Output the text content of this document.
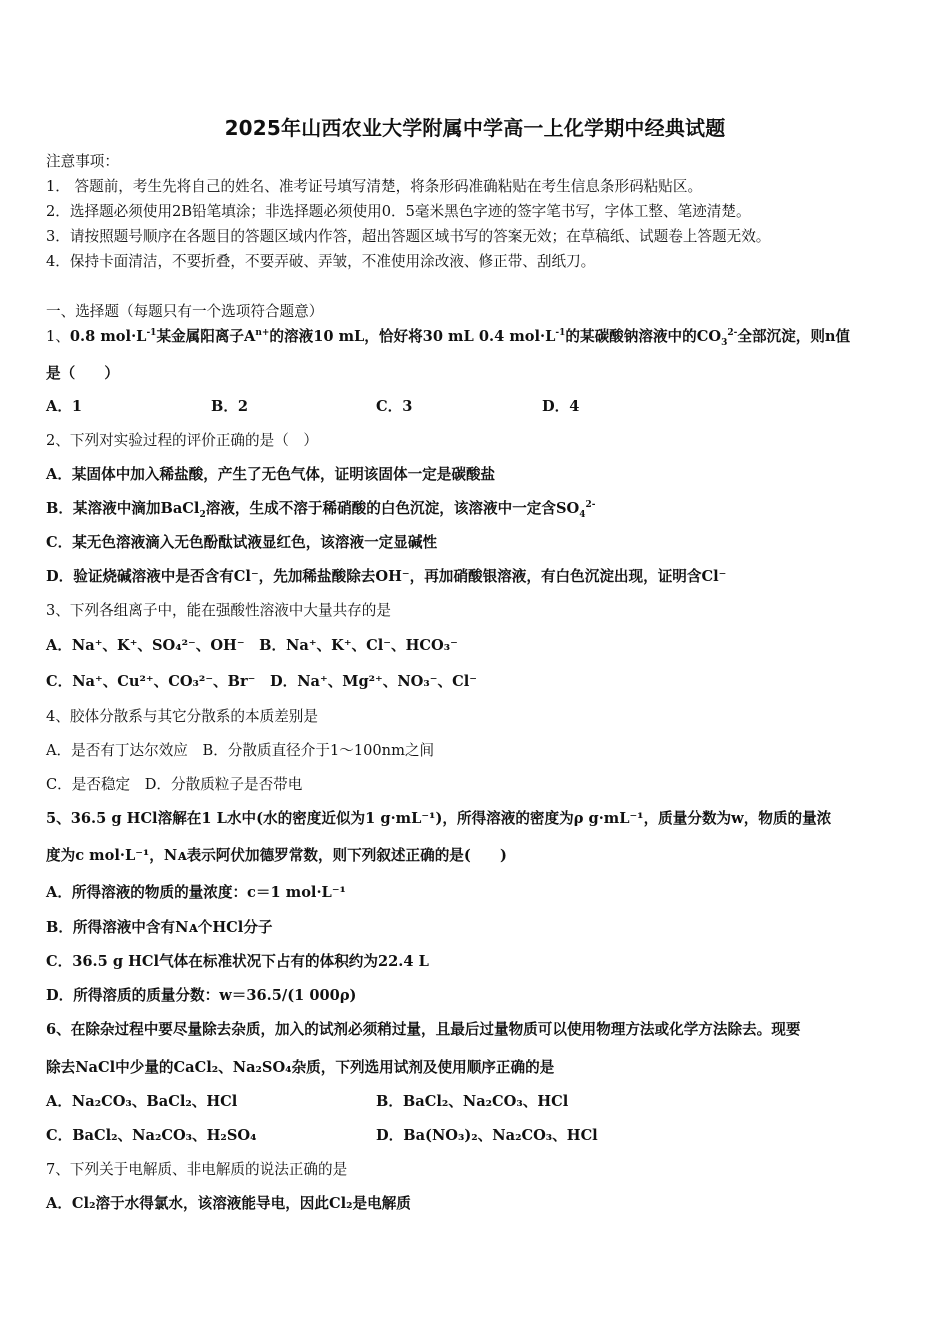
2025年山西农业大学附属中学高一上化学期中经典试题
注意事项：
1． 答题前，考生先将自己的姓名、准考证号填写清楚，将条形码准确粘贴在考生信息条形码粘贴区。
2．选择题必须使用2B铅笔填涂；非选择题必须使用0．5毫米黑色字迹的签字笔书写，字体工整、笔迹清楚。
3．请按照题号顺序在各题目的答题区域内作答，超出答题区域书写的答案无效；在草稿纸、试题卷上答题无效。
4．保持卡面清洁，不要折叠，不要弄破、弄皱，不准使用涂改液、修正带、刮纸刀。
一、选择题（每题只有一个选项符合题意）
1、0.8 $mol\cdot L^{-1}$某金属阳离子$A^{n+}$的溶液10 mL，恰好将30 mL 0.4 $mol\cdot L^{-1}$的某碳酸钠溶液中的$CO_3^{2-}$全部沉淀，则n值
是（　　）
A．1	B．2	C．3	D．4
2、下列对实验过程的评价正确的是（　）
A．某固体中加入稀盐酸，产生了无色气体，证明该固体一定是碳酸盐
B．某溶液中滴加BaCl$_2$溶液，生成不溶于稀硝酸的白色沉淀，该溶液中一定含$SO_4^{2-}$
C．某无色溶液滴入无色酚酞试液显红色，该溶液一定显碱性
D．验证烧碱溶液中是否含有Cl⁻，先加稀盐酸除去OH⁻，再加硝酸银溶液，有白色沉淀出现，证明含Cl⁻
3、下列各组离子中，能在强酸性溶液中大量共存的是
A．Na⁺、K⁺、SO₄²⁻、OH⁻　B．Na⁺、K⁺、Cl⁻、HCO₃⁻
C．Na⁺、Cu²⁺、CO₃²⁻、Br⁻　D．Na⁺、Mg²⁺、NO₃⁻、Cl⁻
4、胶体分散系与其它分散系的本质差别是
A．是否有丁达尔效应　B．分散质直径介于1～100nm之间
C．是否稳定　D．分散质粒子是否带电
5、36.5 g HCl溶解在1 L水中(水的密度近似为1 g·mL⁻¹)，所得溶液的密度为ρ g·mL⁻¹，质量分数为w，物质的量浓
度为c mol·L⁻¹，Nᴀ表示阿伏加德罗常数，则下列叙述正确的是(　　)
A．所得溶液的物质的量浓度：c＝1 mol·L⁻¹
B．所得溶液中含有Nᴀ个HCl分子
C．36.5 g HCl气体在标准状况下占有的体积约为22.4 L
D．所得溶质的质量分数：w＝36.5/(1 000ρ)
6、在除杂过程中要尽量除去杂质，加入的试剂必须稍过量，且最后过量物质可以使用物理方法或化学方法除去。现要
除去NaCl中少量的CaCl₂、Na₂SO₄杂质，下列选用试剂及使用顺序正确的是
A．Na₂CO₃、BaCl₂、HCl	B．BaCl₂、Na₂CO₃、HCl
C．BaCl₂、Na₂CO₃、H₂SO₄	D．Ba(NO₃)₂、Na₂CO₃、HCl
7、下列关于电解质、非电解质的说法正确的是
A．Cl₂溶于水得氯水，该溶液能导电，因此Cl₂是电解质
